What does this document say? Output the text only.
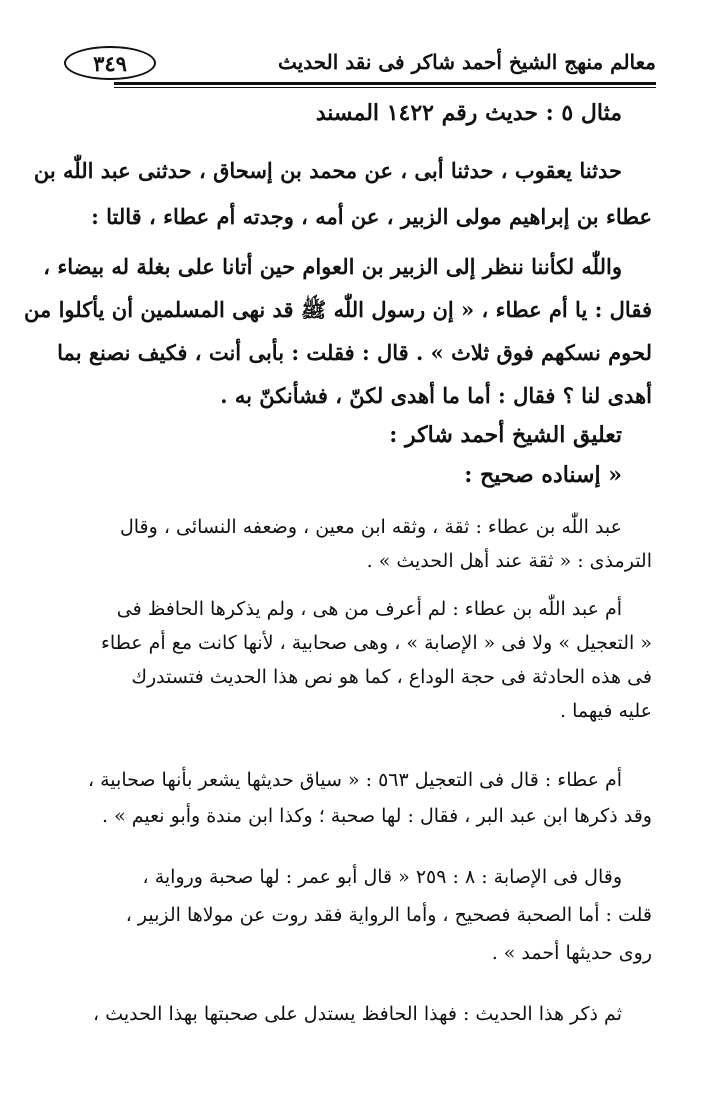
٣٤٩	معالم منهج الشيخ أحمد شاكر فى نقد الحديث
مثال ٥ : حديث رقم ١٤٢٢ المسند
حدثنا يعقوب ، حدثنا أبى ، عن محمد بن إسحاق ، حدثنى عبد اللّٰه بن
عطاء بن إبراهيم مولى الزبير ، عن أمه ، وجدته أم عطاء ، قالتا :
واللّٰه لكأننا ننظر إلى الزبير بن العوام حين أتانا على بغلة له بيضاء ،
فقال : يا أم عطاء ، « إن رسول اللّٰه ﷺ قد نهى المسلمين أن يأكلوا من
لحوم نسكهم فوق ثلاث » . قال : فقلت : بأبى أنت ، فكيف نصنع بما
أهدى لنا ؟ فقال : أما ما أهدى لكنّ ، فشأنكنّ به .
تعليق الشيخ أحمد شاكر :
« إسناده صحيح :
عبد اللّٰه بن عطاء : ثقة ، وثقه ابن معين ، وضعفه النسائى ، وقال
الترمذى : « ثقة عند أهل الحديث » .
أم عبد اللّٰه بن عطاء : لم أعرف من هى ، ولم يذكرها الحافظ فى
« التعجيل » ولا فى « الإصابة » ، وهى صحابية ، لأنها كانت مع أم عطاء
فى هذه الحادثة فى حجة الوداع ، كما هو نص هذا الحديث فتستدرك
عليه فيهما .
أم عطاء : قال فى التعجيل ٥٦٣ : « سياق حديثها يشعر بأنها صحابية ،
وقد ذكرها ابن عبد البر ، فقال : لها صحبة ؛ وكذا ابن مندة وأبو نعيم » .
وقال فى الإصابة : ٨ : ٢٥٩ « قال أبو عمر : لها صحبة ورواية ،
قلت : أما الصحبة فصحيح ، وأما الرواية فقد روت عن مولاها الزبير ،
روى حديثها أحمد » .
ثم ذكر هذا الحديث : فهذا الحافظ يستدل على صحبتها بهذا الحديث ،
